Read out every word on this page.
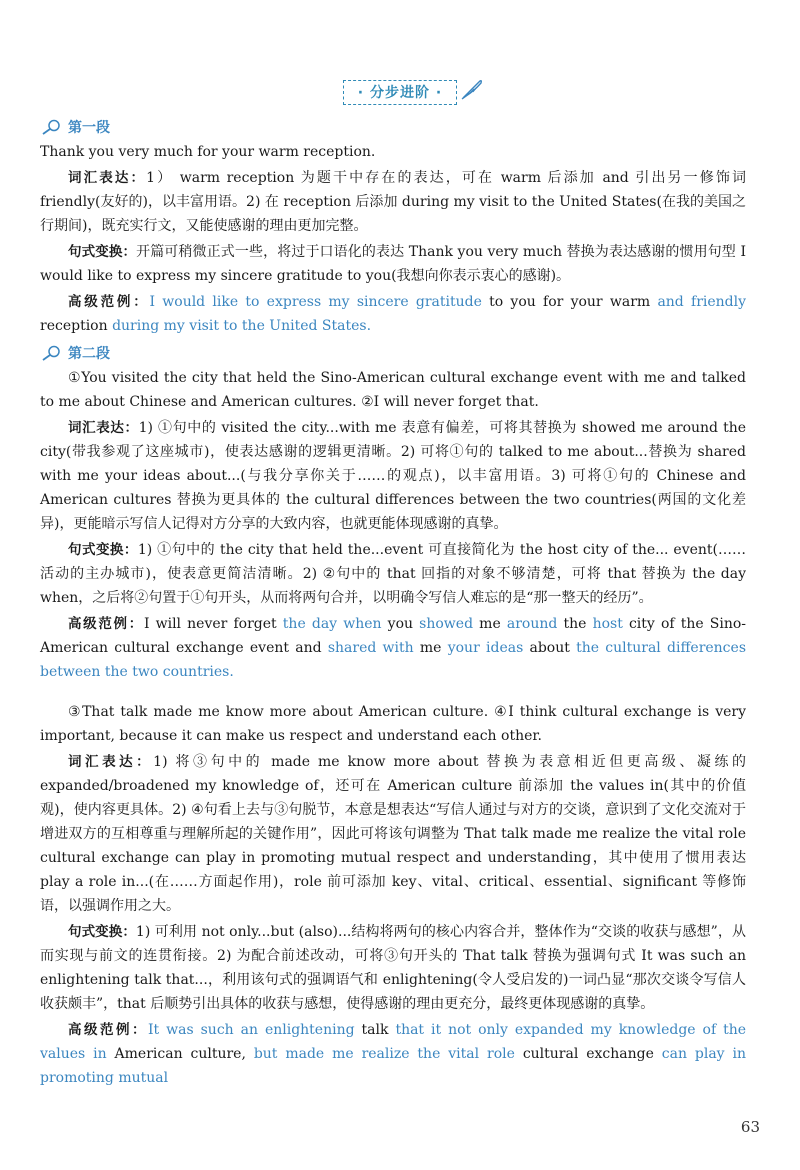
· 分步进阶 ·
第一段

Thank you very much for your warm reception.

词汇表达：1） warm reception 为题干中存在的表达，可在 warm 后添加 and 引出另一修饰词 friendly(友好的)，以丰富用语。2) 在 reception 后添加 during my visit to the United States(在我的美国之行期间)，既充实行文，又能使感谢的理由更加完整。

句式变换：开篇可稍微正式一些，将过于口语化的表达 Thank you very much 替换为表达感谢的惯用句型 I would like to express my sincere gratitude to you(我想向你表示衷心的感谢)。

高级范例：I would like to express my sincere gratitude to you for your warm and friendly reception during my visit to the United States.

第二段

①You visited the city that held the Sino-American cultural exchange event with me and talked to me about Chinese and American cultures. ②I will never forget that.

词汇表达：1) ①句中的 visited the city...with me 表意有偏差，可将其替换为 showed me around the city(带我参观了这座城市)，使表达感谢的逻辑更清晰。2) 可将①句的 talked to me about...替换为 shared with me your ideas about...(与我分享你关于……的观点)，以丰富用语。3) 可将①句的 Chinese and American cultures 替换为更具体的 the cultural differences between the two countries(两国的文化差异)，更能暗示写信人记得对方分享的大致内容，也就更能体现感谢的真挚。

句式变换：1) ①句中的 the city that held the...event 可直接简化为 the host city of the... event(……活动的主办城市)，使表意更简洁清晰。2) ②句中的 that 回指的对象不够清楚，可将 that 替换为 the day when，之后将②句置于①句开头，从而将两句合并，以明确令写信人难忘的是“那一整天的经历”。

高级范例：I will never forget the day when you showed me around the host city of the Sino-American cultural exchange event and shared with me your ideas about the cultural differences between the two countries.

③That talk made me know more about American culture. ④I think cultural exchange is very important, because it can make us respect and understand each other.

词汇表达：1) 将③句中的 made me know more about 替换为表意相近但更高级、凝练的 expanded/broadened my knowledge of，还可在 American culture 前添加 the values in(其中的价值观)，使内容更具体。2) ④句看上去与③句脱节，本意是想表达“写信人通过与对方的交谈，意识到了文化交流对于增进双方的互相尊重与理解所起的关键作用”，因此可将该句调整为 That talk made me realize the vital role cultural exchange can play in promoting mutual respect and understanding，其中使用了惯用表达 play a role in...(在……方面起作用)，role 前可添加 key、vital、critical、essential、significant 等修饰语，以强调作用之大。

句式变换：1) 可利用 not only...but (also)...结构将两句的核心内容合并，整体作为“交谈的收获与感想”，从而实现与前文的连贯衔接。2) 为配合前述改动，可将③句开头的 That talk 替换为强调句式 It was such an enlightening talk that...，利用该句式的强调语气和 enlightening(令人受启发的)一词凸显“那次交谈令写信人收获颇丰”，that 后顺势引出具体的收获与感想，使得感谢的理由更充分，最终更体现感谢的真挚。

高级范例：It was such an enlightening talk that it not only expanded my knowledge of the values in American culture, but made me realize the vital role cultural exchange can play in promoting mutual

63
